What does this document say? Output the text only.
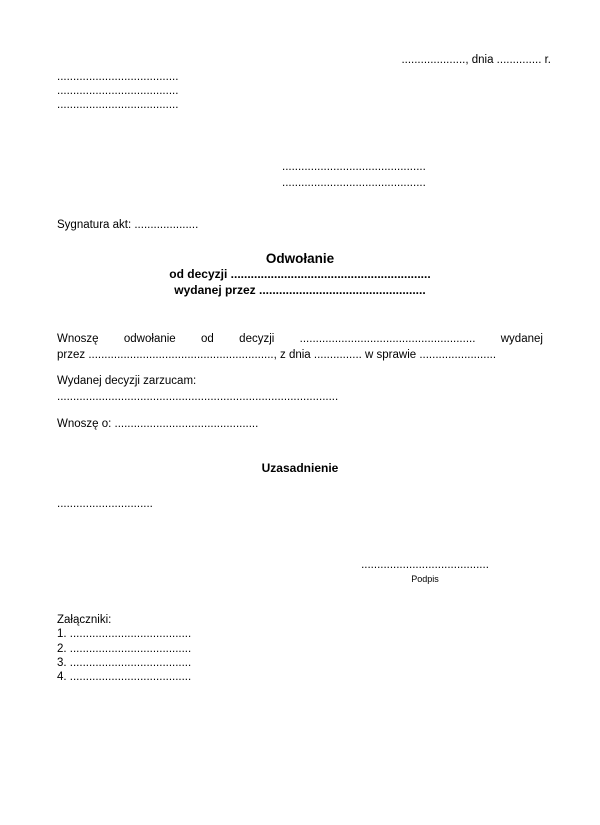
...................., dnia .............. r.
......................................
......................................
......................................
.............................................
.............................................
Sygnatura akt: ....................
Odwołanie
od decyzji ............................................................
wydanej przez ..................................................
Wnoszę odwołanie od decyzji ....................................................... wydanej
przez .........................................................., z dnia ............... w sprawie ........................
Wydanej decyzji zarzucam:
........................................................................................
Wnoszę o: .............................................
Uzasadnienie
..............................
........................................
Podpis
Załączniki:
1. ......................................
2. ......................................
3. ......................................
4. ......................................
